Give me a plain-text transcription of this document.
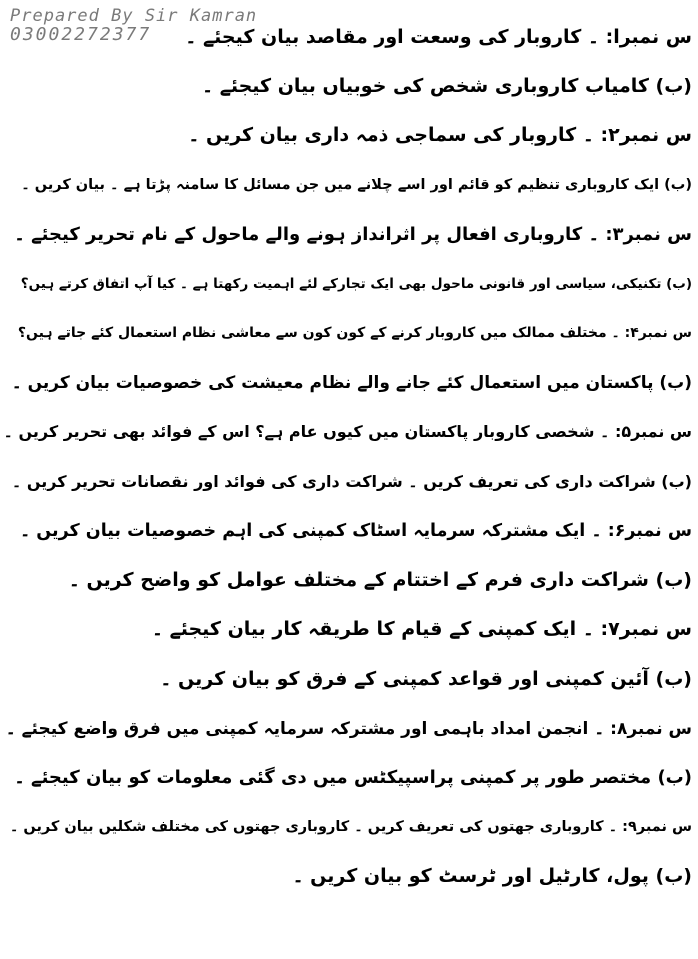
Prepared By Sir Kamran
03002272377	س نمبرا: ۔ کاروبار کی وسعت اور مقاصد بیان کیجئے ۔
(ب) کامیاب کاروباری شخص کی خوبیاں بیان کیجئے ۔
س نمبر۲: ۔ کاروبار کی سماجی ذمہ داری بیان کریں ۔
(ب) ایک کاروباری تنظیم کو قائم اور اسے چلانے میں جن مسائل کا سامنہ پڑتا ہے ۔ بیان کریں ۔
س نمبر۳: ۔ کاروباری افعال پر اثرانداز ہونے والے ماحول کے نام تحریر کیجئے ۔
(ب) تکنیکی، سیاسی اور قانونی ماحول بھی ایک تجارکے لئے اہمیت رکھتا ہے ۔ کیا آپ اتفاق کرتے ہیں؟
س نمبر۴: ۔ مختلف ممالک میں کاروبار کرنے کے کون کون سے معاشی نظام استعمال کئے جاتے ہیں؟
(ب) پاکستان میں استعمال کئے جانے والے نظام معیشت کی خصوصیات بیان کریں ۔
س نمبر۵: ۔ شخصی کاروبار پاکستان میں کیوں عام ہے؟ اس کے فوائد بھی تحریر کریں ۔
(ب) شراکت داری کی تعریف کریں ۔ شراکت داری کی فوائد اور نقصانات تحریر کریں ۔
س نمبر۶: ۔ ایک مشترکہ سرمایہ اسٹاک کمپنی کی اہم خصوصیات بیان کریں ۔
(ب) شراکت داری فرم کے اختتام کے مختلف عوامل کو واضح کریں ۔
س نمبر۷: ۔ ایک کمپنی کے قیام کا طریقہ کار بیان کیجئے ۔
(ب) آئین کمپنی اور قواعد کمپنی کے فرق کو بیان کریں ۔
س نمبر۸: ۔ انجمن امداد باہمی اور مشترکہ سرمایہ کمپنی میں فرق واضع کیجئے ۔
(ب) مختصر طور پر کمپنی پراسپیکٹس میں دی گئی معلومات کو بیان کیجئے ۔
س نمبر۹: ۔ کاروباری جھتوں کی تعریف کریں ۔ کاروباری جھتوں کی مختلف شکلیں بیان کریں ۔
(ب) پول، کارٹیل اور ٹرسٹ کو بیان کریں ۔
